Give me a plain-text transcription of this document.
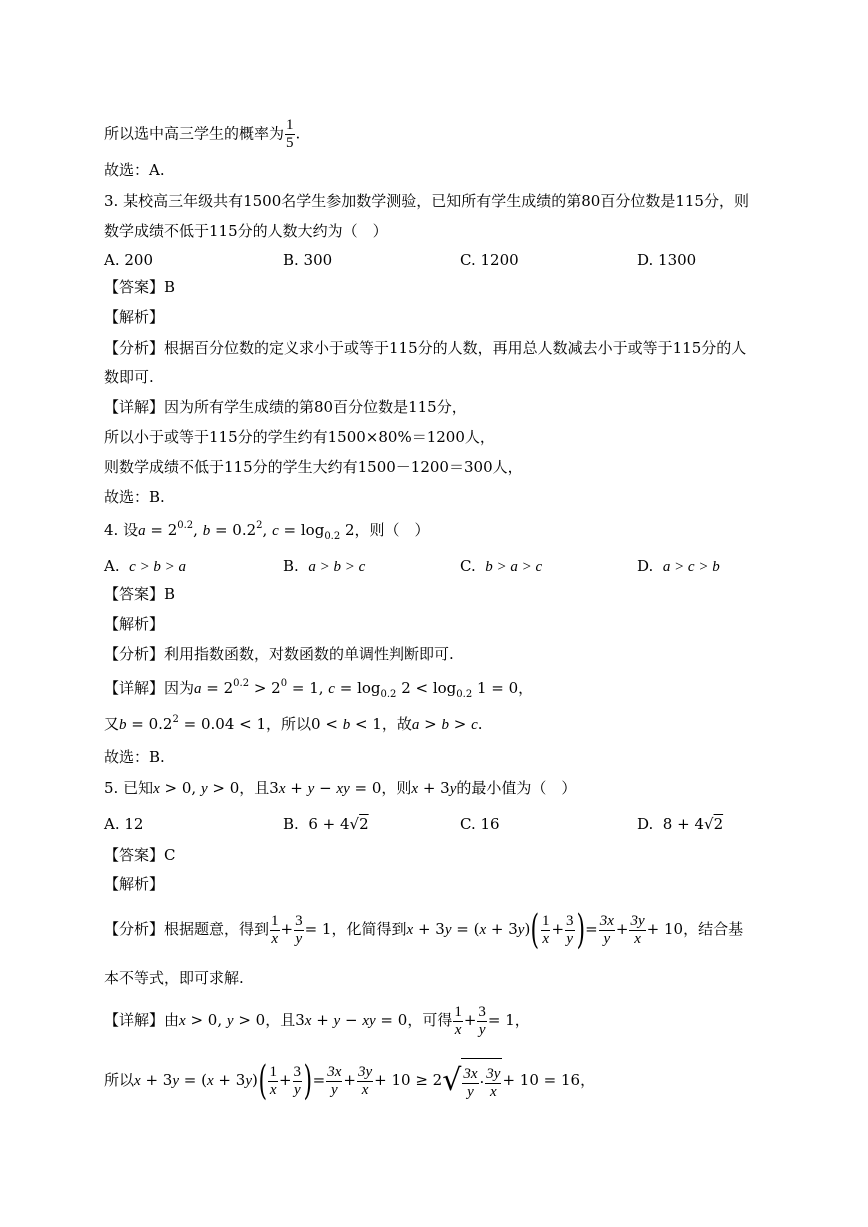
所以选中高三学生的概率为 $\frac{1}{5}$ .
故选：A.
3. 某校高三年级共有1500名学生参加数学测验，已知所有学生成绩的第80百分位数是115分，则
数学成绩不低于115分的人数大约为（　）
A. 200	B. 300	C. 1200	D. 1300
【答案】B
【解析】
【分析】根据百分位数的定义求小于或等于115分的人数，再用总人数减去小于或等于115分的人
数即可.
【详解】因为所有学生成绩的第80百分位数是115分，
所以小于或等于115分的学生约有1500×80%＝1200人，
则数学成绩不低于115分的学生大约有1500－1200＝300人，
故选：B.
4. 设$a = 2^{0.2}$, $b = 0.2^2$, $c = \log_{0.2} 2$，则（　）
A. c > b > a	B. a > b > c	C. b > a > c	D. a > c > b
【答案】B
【解析】
【分析】利用指数函数，对数函数的单调性判断即可.
【详解】因为$a = 2^{0.2} > 2^0 = 1$, $c = \log_{0.2} 2 < \log_{0.2} 1 = 0$，
又$b = 0.2^2 = 0.04 < 1$，所以0 < b < 1，故a > b > c.
故选：B.
5. 已知x > 0, y > 0，且3x + y − xy = 0，则x + 3y的最小值为（　）
A. 12	B.  6 + 4√2	C. 16	D.  8 + 4√2
【答案】C
【解析】
【分析】根据题意，得到 $\frac{1}{x} + \frac{3}{y} = 1$，化简得到$x + 3y = (x + 3y)( \frac{1}{x} + \frac{3}{y}$ )= $\frac{3x}{y} + \frac{3y}{x} + 10$，结合基
本不等式，即可求解.
【详解】由x > 0, y > 0，且3x + y − xy = 0，可得 $\frac{1}{x} + \frac{3}{y} = 1$，
所以$x + 3y = (x + 3y)( \frac{1}{x} + \frac{3}{y}$ )= $\frac{3x}{y} + \frac{3y}{x} + 10 \ge 2√ \frac{3x}{y} \cdot \frac{3y}{x} + 10 = 16$，
